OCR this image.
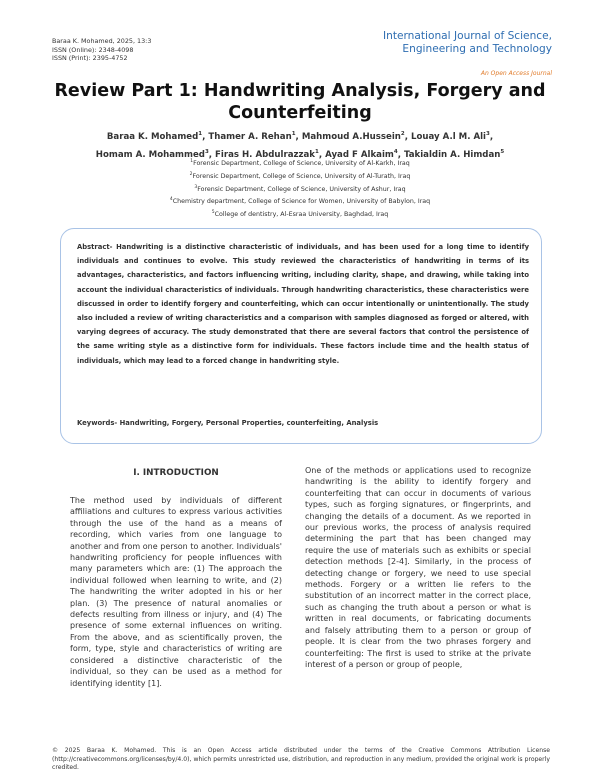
Baraa K. Mohamed, 2025, 13:3
ISSN (Online): 2348-4098
ISSN (Print): 2395-4752
International Journal of Science,
Engineering and Technology
An Open Access Journal
Review Part 1: Handwriting Analysis, Forgery and
Counterfeiting
Baraa K. Mohamed$^1$, Thamer A. Rehan$^1$, Mahmoud A.Hussein$^2$, Louay A.l M. Ali$^3$,
Homam A. Mohammed$^3$, Firas H. Abdulrazzak$^1$, Ayad F Alkaim$^4$, Takialdin A. Himdan$^5$
$^1$Forensic Department, College of Science, University of Al-Karkh, Iraq
$^2$Forensic Department, College of Science, University of Al-Turath, Iraq
$^3$Forensic Department, College of Science, University of Ashur, Iraq
$^4$Chemistry department, College of Science for Women, University of Babylon, Iraq
$^5$College of dentistry, Al-Esraa University, Baghdad, Iraq
Abstract- Handwriting is a distinctive characteristic of individuals, and has been used for a long time to identify individuals and continues to evolve. This study reviewed the characteristics of handwriting in terms of its advantages, characteristics, and factors influencing writing, including clarity, shape, and drawing, while taking into account the individual characteristics of individuals. Through handwriting characteristics, these characteristics were discussed in order to identify forgery and counterfeiting, which can occur intentionally or unintentionally. The study also included a review of writing characteristics and a comparison with samples diagnosed as forged or altered, with varying degrees of accuracy. The study demonstrated that there are several factors that control the persistence of the same writing style as a distinctive form for individuals. These factors include time and the health status of individuals, which may lead to a forced change in handwriting style.
Keywords- Handwriting, Forgery, Personal Properties, counterfeiting, Analysis
I. INTRODUCTION
The method used by individuals of different affiliations and cultures to express various activities through the use of the hand as a means of recording, which varies from one language to another and from one person to another. Individuals' handwriting proficiency for people influences with many parameters which are: (1) The approach the individual followed when learning to write, and (2) The handwriting the writer adopted in his or her plan. (3) The presence of natural anomalies or defects resulting from illness or injury, and (4) The presence of some external influences on writing. From the above, and as scientifically proven, the form, type, style and characteristics of writing are considered a distinctive characteristic of the individual, so they can be used as a method for identifying identity [1].
One of the methods or applications used to recognize handwriting is the ability to identify forgery and counterfeiting that can occur in documents of various types, such as forging signatures, or fingerprints, and changing the details of a document. As we reported in our previous works, the process of analysis required determining the part that has been changed may require the use of materials such as exhibits or special detection methods [2-4]. Similarly, in the process of detecting change or forgery, we need to use special methods. Forgery or a written lie refers to the substitution of an incorrect matter in the correct place, such as changing the truth about a person or what is written in real documents, or fabricating documents and falsely attributing them to a person or group of people. It is clear from the two phrases forgery and counterfeiting: The first is used to strike at the private interest of a person or group of people,
© 2025 Baraa K. Mohamed. This is an Open Access article distributed under the terms of the Creative Commons Attribution License (http://creativecommons.org/licenses/by/4.0), which permits unrestricted use, distribution, and reproduction in any medium, provided the original work is properly credited.
